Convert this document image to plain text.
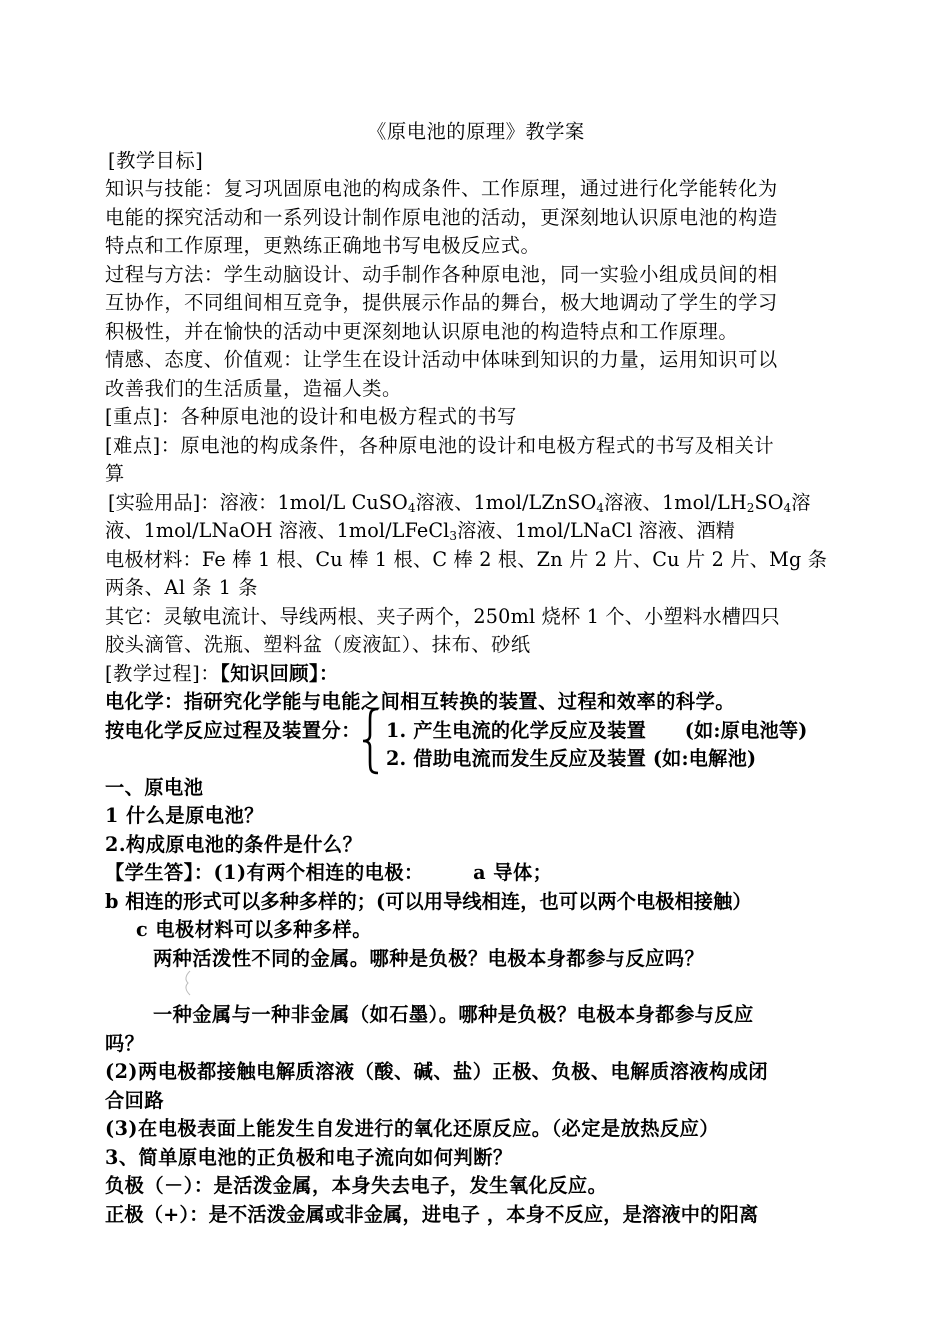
《原电池的原理》教学案
[教学目标]
知识与技能：复习巩固原电池的构成条件、工作原理，通过进行化学能转化为
电能的探究活动和一系列设计制作原电池的活动，更深刻地认识原电池的构造
特点和工作原理，更熟练正确地书写电极反应式。
过程与方法：学生动脑设计、动手制作各种原电池，同一实验小组成员间的相
互协作，不同组间相互竞争，提供展示作品的舞台，极大地调动了学生的学习
积极性，并在愉快的活动中更深刻地认识原电池的构造特点和工作原理。
情感、态度、价值观：让学生在设计活动中体味到知识的力量，运用知识可以
改善我们的生活质量，造福人类。
[重点]：各种原电池的设计和电极方程式的书写
[难点]：原电池的构成条件，各种原电池的设计和电极方程式的书写及相关计
算
[实验用品]：溶液：1mol/L CuSO$_4$溶液、1mol/LZnSO$_4$溶液、$1mol/LH_2SO_4$溶
液、1mol/LNaOH 溶液、1mol/LFeCl$_3$溶液、1mol/LNaCl 溶液、酒精
电极材料：Fe 棒 1 根、Cu 棒 1 根、C 棒 2 根、Zn 片 2 片、Cu 片 2 片、Mg 条
两条、Al 条 1 条
其它：灵敏电流计、导线两根、夹子两个，250ml 烧杯 1 个、小塑料水槽四只
胶头滴管、洗瓶、塑料盆（废液缸）、抹布、砂纸
[教学过程]：【知识回顾】：
电化学：指研究化学能与电能之间相互转换的装置、过程和效率的科学。
按电化学反应过程及装置分：	1. 产生电流的化学反应及装置　　(如:原电池等)
2. 借助电流而发生反应及装置 (如:电解池)
一、原电池
1 什么是原电池？
2.构成原电池的条件是什么？
【学生答】：(1)有两个相连的电极：　　　a 导体；
b 相连的形式可以多种多样的；(可以用导线相连，也可以两个电极相接触）
c 电极材料可以多种多样。
两种活泼性不同的金属。哪种是负极？电极本身都参与反应吗？
一种金属与一种非金属（如石墨）。哪种是负极？电极本身都参与反应
吗？
(2)两电极都接触电解质溶液（酸、碱、盐）正极、负极、电解质溶液构成闭
合回路
(3)在电极表面上能发生自发进行的氧化还原反应。（必定是放热反应）
3、简单原电池的正负极和电子流向如何判断？
负极（－）：是活泼金属，本身失去电子，发生氧化反应。
正极（+）：是不活泼金属或非金属，进电子 ，本身不反应，是溶液中的阳离
